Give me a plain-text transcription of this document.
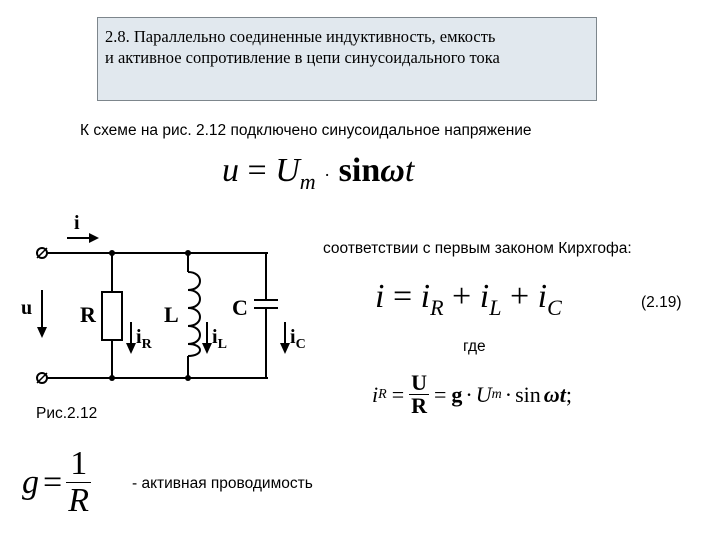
2.8. Параллельно соединенные индуктивность, емкость
и активное сопротивление в цепи синусоидального тока
К схеме на рис. 2.12 подключено синусоидальное напряжение
$u = U_m \cdot \sin\omega t$
i
u R	L C
$i_R$	$i_L$	$i_C$
соответствии с первым законом Кирхгофа:
$i = i_R + i_L + i_C$	(2.19)
где
i $R = \frac{U}{R} = g \cdot U$ m · sin ωt ;
Рис.2.12
$g = \frac{1}{R}$	- активная проводимость
